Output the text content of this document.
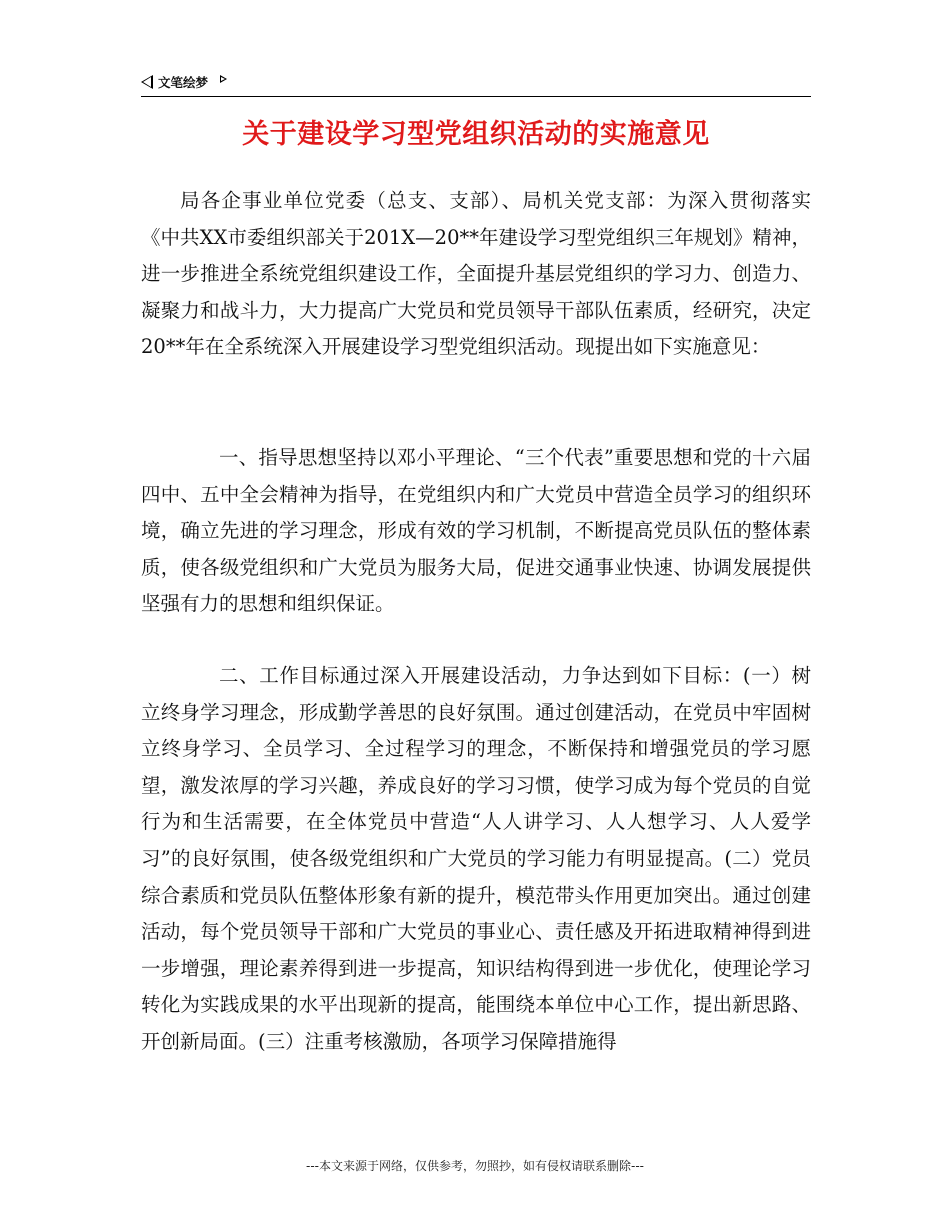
文笔绘梦
关于建设学习型党组织活动的实施意见
局各企事业单位党委（总支、支部）、局机关党支部：为深入贯彻落实《中共XX市委组织部关于201X—20**年建设学习型党组织三年规划》精神，进一步推进全系统党组织建设工作，全面提升基层党组织的学习力、创造力、凝聚力和战斗力，大力提高广大党员和党员领导干部队伍素质，经研究，决定20**年在全系统深入开展建设学习型党组织活动。现提出如下实施意见：
一、指导思想坚持以邓小平理论、“三个代表”重要思想和党的十六届四中、五中全会精神为指导，在党组织内和广大党员中营造全员学习的组织环境，确立先进的学习理念，形成有效的学习机制，不断提高党员队伍的整体素质，使各级党组织和广大党员为服务大局，促进交通事业快速、协调发展提供坚强有力的思想和组织保证。
二、工作目标通过深入开展建设活动，力争达到如下目标：(一）树立终身学习理念，形成勤学善思的良好氛围。通过创建活动，在党员中牢固树立终身学习、全员学习、全过程学习的理念，不断保持和增强党员的学习愿望，激发浓厚的学习兴趣，养成良好的学习习惯，使学习成为每个党员的自觉行为和生活需要，在全体党员中营造“人人讲学习、人人想学习、人人爱学习”的良好氛围，使各级党组织和广大党员的学习能力有明显提高。(二）党员综合素质和党员队伍整体形象有新的提升，模范带头作用更加突出。通过创建活动，每个党员领导干部和广大党员的事业心、责任感及开拓进取精神得到进一步增强，理论素养得到进一步提高，知识结构得到进一步优化，使理论学习转化为实践成果的水平出现新的提高，能围绕本单位中心工作，提出新思路、开创新局面。(三）注重考核激励，各项学习保障措施得
---本文来源于网络，仅供参考，勿照抄，如有侵权请联系删除---
